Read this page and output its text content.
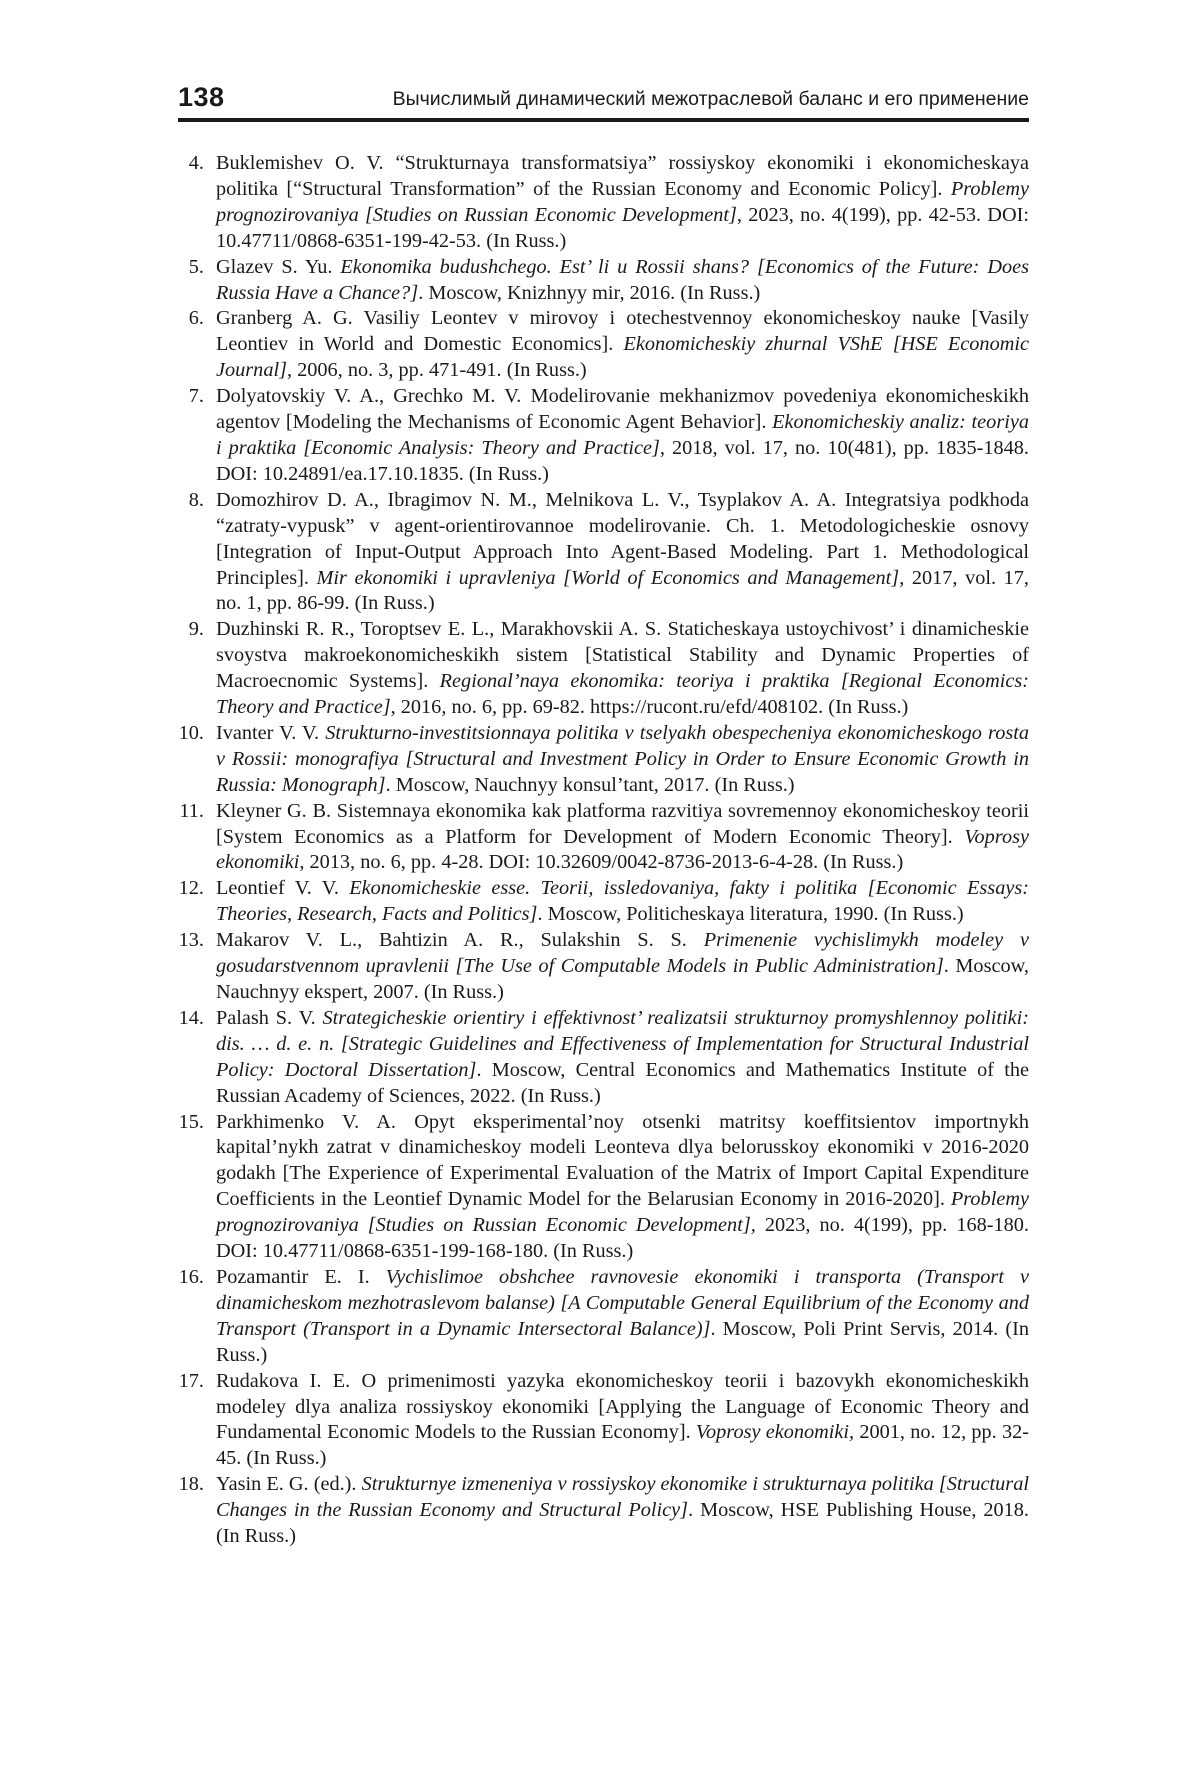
138	Вычислимый динамический межотраслевой баланс и его применение
4. Buklemishev O. V. “Strukturnaya transformatsiya” rossiyskoy ekonomiki i ekonomicheskaya politika [“Structural Transformation” of the Russian Economy and Economic Policy]. Problemy prognozirovaniya [Studies on Russian Economic Development], 2023, no. 4(199), pp. 42-53. DOI: 10.47711/0868-6351-199-42-53. (In Russ.)
5. Glazev S. Yu. Ekonomika budushchego. Est’ li u Rossii shans? [Economics of the Future: Does Russia Have a Chance?]. Moscow, Knizhnyy mir, 2016. (In Russ.)
6. Granberg A. G. Vasiliy Leontev v mirovoy i otechestvennoy ekonomicheskoy nauke [Vasily Leontiev in World and Domestic Economics]. Ekonomicheskiy zhurnal VShE [HSE Economic Journal], 2006, no. 3, pp. 471-491. (In Russ.)
7. Dolyatovskiy V. A., Grechko M. V. Modelirovanie mekhanizmov povedeniya ekonomicheskikh agentov [Modeling the Mechanisms of Economic Agent Behavior]. Ekonomicheskiy analiz: teoriya i praktika [Economic Analysis: Theory and Practice], 2018, vol. 17, no. 10(481), pp. 1835-1848. DOI: 10.24891/ea.17.10.1835. (In Russ.)
8. Domozhirov D. A., Ibragimov N. M., Melnikova L. V., Tsyplakov A. A. Integratsiya podkhoda “zatraty-vypusk” v agent-orientirovannoe modelirovanie. Ch. 1. Metodologicheskie osnovy [Integration of Input-Output Approach Into Agent-Based Modeling. Part 1. Methodological Principles]. Mir ekonomiki i upravleniya [World of Economics and Management], 2017, vol. 17, no. 1, pp. 86-99. (In Russ.)
9. Duzhinski R. R., Toroptsev E. L., Marakhovskii A. S. Staticheskaya ustoychivost’ i dinamicheskie svoystva makroekonomicheskikh sistem [Statistical Stability and Dynamic Properties of Macroecnomic Systems]. Regional’naya ekonomika: teoriya i praktika [Regional Economics: Theory and Practice], 2016, no. 6, pp. 69-82. https://rucont.ru/efd/408102. (In Russ.)
10. Ivanter V. V. Strukturno-investitsionnaya politika v tselyakh obespecheniya ekonomicheskogo rosta v Rossii: monografiya [Structural and Investment Policy in Order to Ensure Economic Growth in Russia: Monograph]. Moscow, Nauchnyy konsul’tant, 2017. (In Russ.)
11. Kleyner G. B. Sistemnaya ekonomika kak platforma razvitiya sovremennoy ekonomicheskoy teorii [System Economics as a Platform for Development of Modern Economic Theory]. Voprosy ekonomiki, 2013, no. 6, pp. 4-28. DOI: 10.32609/0042-8736-2013-6-4-28. (In Russ.)
12. Leontief V. V. Ekonomicheskie esse. Teorii, issledovaniya, fakty i politika [Economic Essays: Theories, Research, Facts and Politics]. Moscow, Politicheskaya literatura, 1990. (In Russ.)
13. Makarov V. L., Bahtizin A. R., Sulakshin S. S. Primenenie vychislimykh modeley v gosudarstvennom upravlenii [The Use of Computable Models in Public Administration]. Moscow, Nauchnyy ekspert, 2007. (In Russ.)
14. Palash S. V. Strategicheskie orientiry i effektivnost’ realizatsii strukturnoy promyshlennoy politiki: dis. … d. e. n. [Strategic Guidelines and Effectiveness of Implementation for Structural Industrial Policy: Doctoral Dissertation]. Moscow, Central Economics and Mathematics Institute of the Russian Academy of Sciences, 2022. (In Russ.)
15. Parkhimenko V. A. Opyt eksperimental’noy otsenki matritsy koeffitsientov importnykh kapital’nykh zatrat v dinamicheskoy modeli Leonteva dlya belorusskoy ekonomiki v 2016-2020 godakh [The Experience of Experimental Evaluation of the Matrix of Import Capital Expenditure Coefficients in the Leontief Dynamic Model for the Belarusian Economy in 2016-2020]. Problemy prognozirovaniya [Studies on Russian Economic Development], 2023, no. 4(199), pp. 168-180. DOI: 10.47711/0868-6351-199-168-180. (In Russ.)
16. Pozamantir E. I. Vychislimoe obshchee ravnovesie ekonomiki i transporta (Transport v dinamicheskom mezhotraslevom balanse) [A Computable General Equilibrium of the Economy and Transport (Transport in a Dynamic Intersectoral Balance)]. Moscow, Poli Print Servis, 2014. (In Russ.)
17. Rudakova I. E. O primenimosti yazyka ekonomicheskoy teorii i bazovykh ekonomicheskikh modeley dlya analiza rossiyskoy ekonomiki [Applying the Language of Economic Theory and Fundamental Economic Models to the Russian Economy]. Voprosy ekonomiki, 2001, no. 12, pp. 32-45. (In Russ.)
18. Yasin E. G. (ed.). Strukturnye izmeneniya v rossiyskoy ekonomike i strukturnaya politika [Structural Changes in the Russian Economy and Structural Policy]. Moscow, HSE Publishing House, 2018. (In Russ.)
